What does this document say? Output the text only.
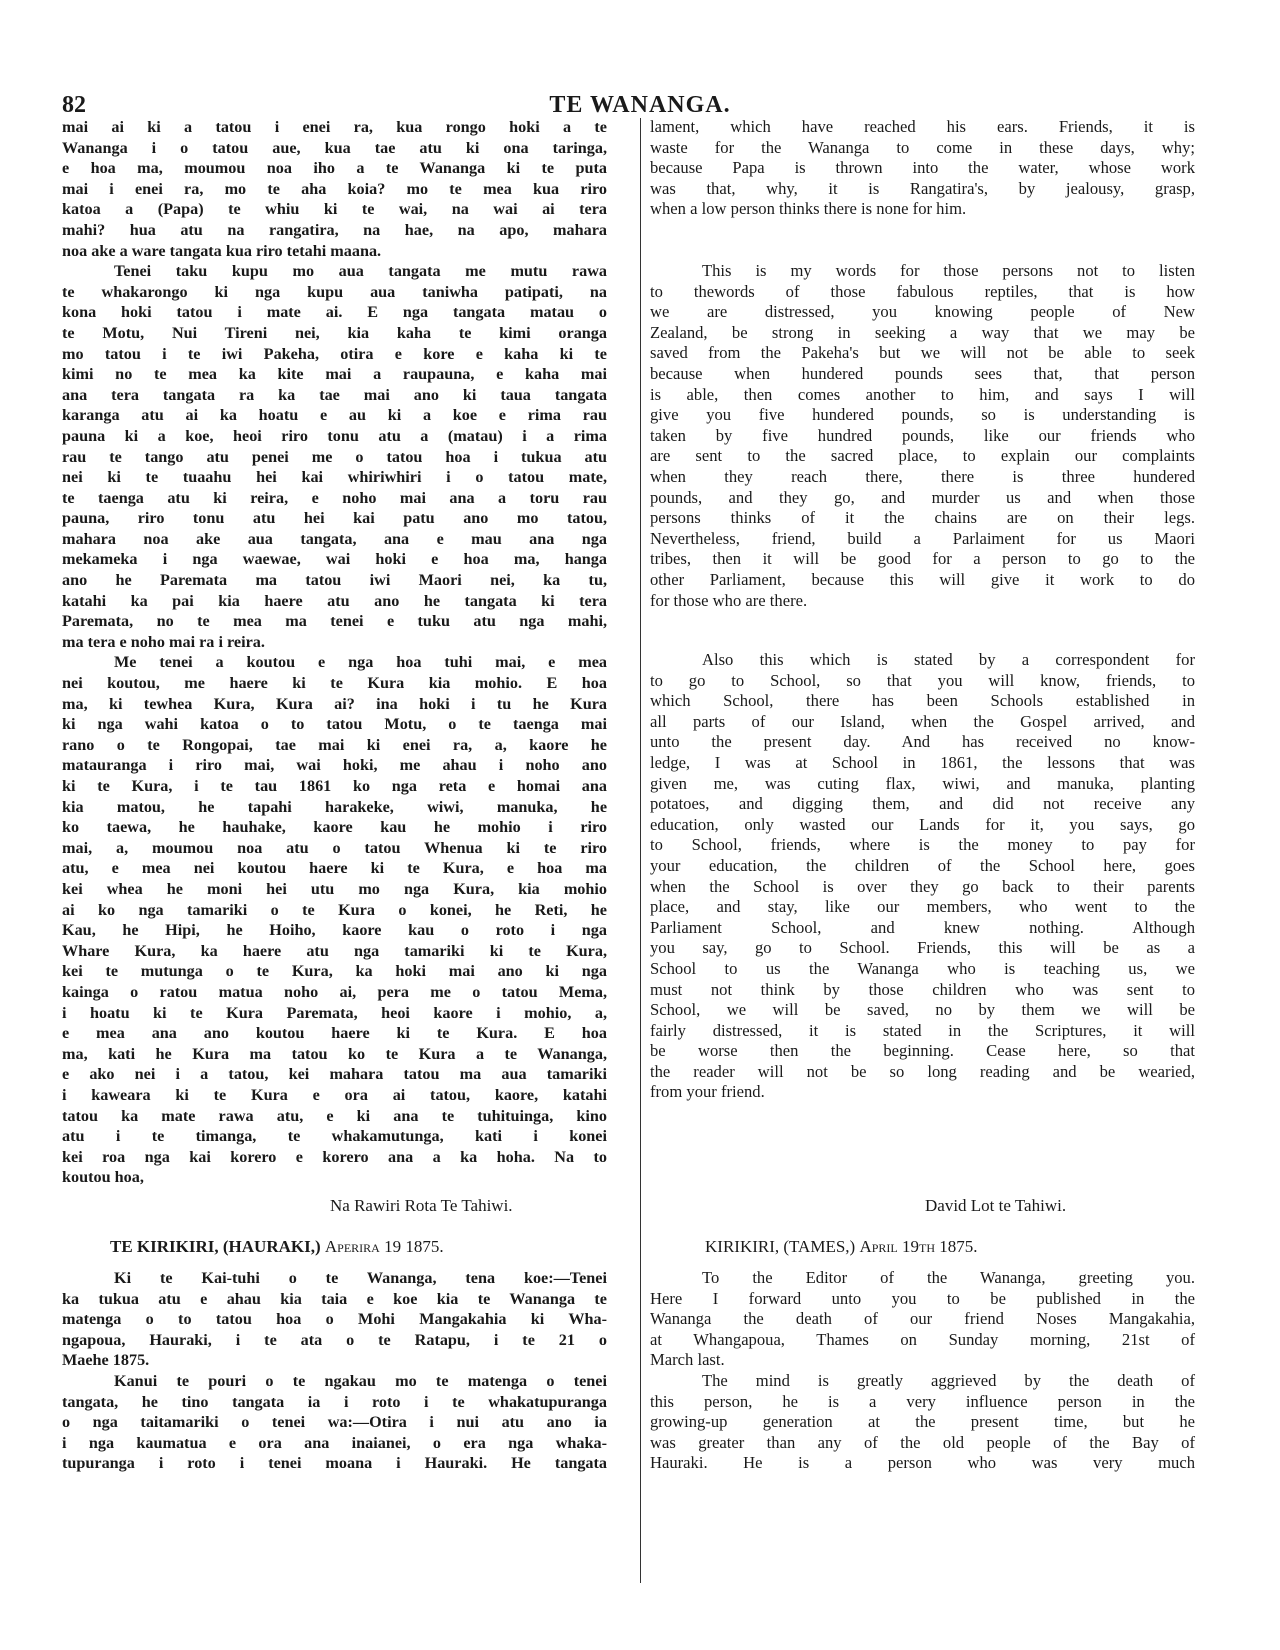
82	TE WANANGA.
mai ai ki a tatou i enei ra, kua rongo hoki a te
Wananga i o tatou aue, kua tae atu ki ona taringa,
e hoa ma, moumou noa iho a te Wananga ki te puta
mai i enei ra, mo te aha koia? mo te mea kua riro
katoa a (Papa) te whiu ki te wai, na wai ai tera
mahi? hua atu na rangatira, na hae, na apo, mahara
noa ake a ware tangata kua riro tetahi maana.
Tenei taku kupu mo aua tangata me mutu rawa
te whakarongo ki nga kupu aua taniwha patipati, na
kona hoki tatou i mate ai. E nga tangata matau o
te Motu, Nui Tireni nei, kia kaha te kimi oranga
mo tatou i te iwi Pakeha, otira e kore e kaha ki te
kimi no te mea ka kite mai a raupauna, e kaha mai
ana tera tangata ra ka tae mai ano ki taua tangata
karanga atu ai ka hoatu e au ki a koe e rima rau
pauna ki a koe, heoi riro tonu atu a (matau) i a rima
rau te tango atu penei me o tatou hoa i tukua atu
nei ki te tuaahu hei kai whiriwhiri i o tatou mate,
te taenga atu ki reira, e noho mai ana a toru rau
pauna, riro tonu atu hei kai patu ano mo tatou,
mahara noa ake aua tangata, ana e mau ana nga
mekameka i nga waewae, wai hoki e hoa ma, hanga
ano he Paremata ma tatou iwi Maori nei, ka tu,
katahi ka pai kia haere atu ano he tangata ki tera
Paremata, no te mea ma tenei e tuku atu nga mahi,
ma tera e noho mai ra i reira.
Me tenei a koutou e nga hoa tuhi mai, e mea
nei koutou, me haere ki te Kura kia mohio. E hoa
ma, ki tewhea Kura, Kura ai? ina hoki i tu he Kura
ki nga wahi katoa o to tatou Motu, o te taenga mai
rano o te Rongopai, tae mai ki enei ra, a, kaore he
matauranga i riro mai, wai hoki, me ahau i noho ano
ki te Kura, i te tau 1861 ko nga reta e homai ana
kia matou, he tapahi harakeke, wiwi, manuka, he
ko taewa, he hauhake, kaore kau he mohio i riro
mai, a, moumou noa atu o tatou Whenua ki te riro
atu, e mea nei koutou haere ki te Kura, e hoa ma
kei whea he moni hei utu mo nga Kura, kia mohio
ai ko nga tamariki o te Kura o konei, he Reti, he
Kau, he Hipi, he Hoiho, kaore kau o roto i nga
Whare Kura, ka haere atu nga tamariki ki te Kura,
kei te mutunga o te Kura, ka hoki mai ano ki nga
kainga o ratou matua noho ai, pera me o tatou Mema,
i hoatu ki te Kura Paremata, heoi kaore i mohio, a,
e mea ana ano koutou haere ki te Kura. E hoa
ma, kati he Kura ma tatou ko te Kura a te Wananga,
e ako nei i a tatou, kei mahara tatou ma aua tamariki
i kaweara ki te Kura e ora ai tatou, kaore, katahi
tatou ka mate rawa atu, e ki ana te tuhituinga, kino
atu i te timanga, te whakamutunga, kati i konei
kei roa nga kai korero e korero ana a ka hoha. Na to
koutou hoa,
lament, which have reached his ears. Friends, it is
waste for the Wananga to come in these days, why;
because Papa is thrown into the water, whose work
was that, why, it is Rangatira's, by jealousy, grasp,
when a low person thinks there is none for him.
This is my words for those persons not to listen
to thewords of those fabulous reptiles, that is how
we are distressed, you knowing people of New
Zealand, be strong in seeking a way that we may be
saved from the Pakeha's but we will not be able to seek
because when hundered pounds sees that, that person
is able, then comes another to him, and says I will
give you five hundered pounds, so is understanding is
taken by five hundred pounds, like our friends who
are sent to the sacred place, to explain our complaints
when they reach there, there is three hundered
pounds, and they go, and murder us and when those
persons thinks of it the chains are on their legs.
Nevertheless, friend, build a Parlaiment for us Maori
tribes, then it will be good for a person to go to the
other Parliament, because this will give it work to do
for those who are there.
Also this which is stated by a correspondent for
to go to School, so that you will know, friends, to
which School, there has been Schools established in
all parts of our Island, when the Gospel arrived, and
unto the present day. And has received no know-
ledge, I was at School in 1861, the lessons that was
given me, was cuting flax, wiwi, and manuka, planting
potatoes, and digging them, and did not receive any
education, only wasted our Lands for it, you says, go
to School, friends, where is the money to pay for
your education, the children of the School here, goes
when the School is over they go back to their parents
place, and stay, like our members, who went to the
Parliament School, and knew nothing. Although
you say, go to School. Friends, this will be as a
School to us the Wananga who is teaching us, we
must not think by those children who was sent to
School, we will be saved, no by them we will be
fairly distressed, it is stated in the Scriptures, it will
be worse then the beginning. Cease here, so that
the reader will not be so long reading and be wearied,
from your friend.
Na Rawiri Rota Te Tahiwi.	David Lot te Tahiwi.
TE KIRIKIRI, (HAURAKI,) Aperira 19 1875.	KIRIKIRI, (TAMES,) April 19th 1875.
Ki te Kai-tuhi o te Wananga, tena koe:—Tenei
ka tukua atu e ahau kia taia e koe kia te Wananga te
matenga o to tatou hoa o Mohi Mangakahia ki Wha-
ngapoua, Hauraki, i te ata o te Ratapu, i te 21 o
Maehe 1875.
Kanui te pouri o te ngakau mo te matenga o tenei
tangata, he tino tangata ia i roto i te whakatupuranga
o nga taitamariki o tenei wa:—Otira i nui atu ano ia
i nga kaumatua e ora ana inaianei, o era nga whaka-
tupuranga i roto i tenei moana i Hauraki. He tangata
To the Editor of the Wananga, greeting you.
Here I forward unto you to be published in the
Wananga the death of our friend Noses Mangakahia,
at Whangapoua, Thames on Sunday morning, 21st of
March last.
The mind is greatly aggrieved by the death of
this person, he is a very influence person in the
growing-up generation at the present time, but he
was greater than any of the old people of the Bay of
Hauraki. He is a person who was very much
